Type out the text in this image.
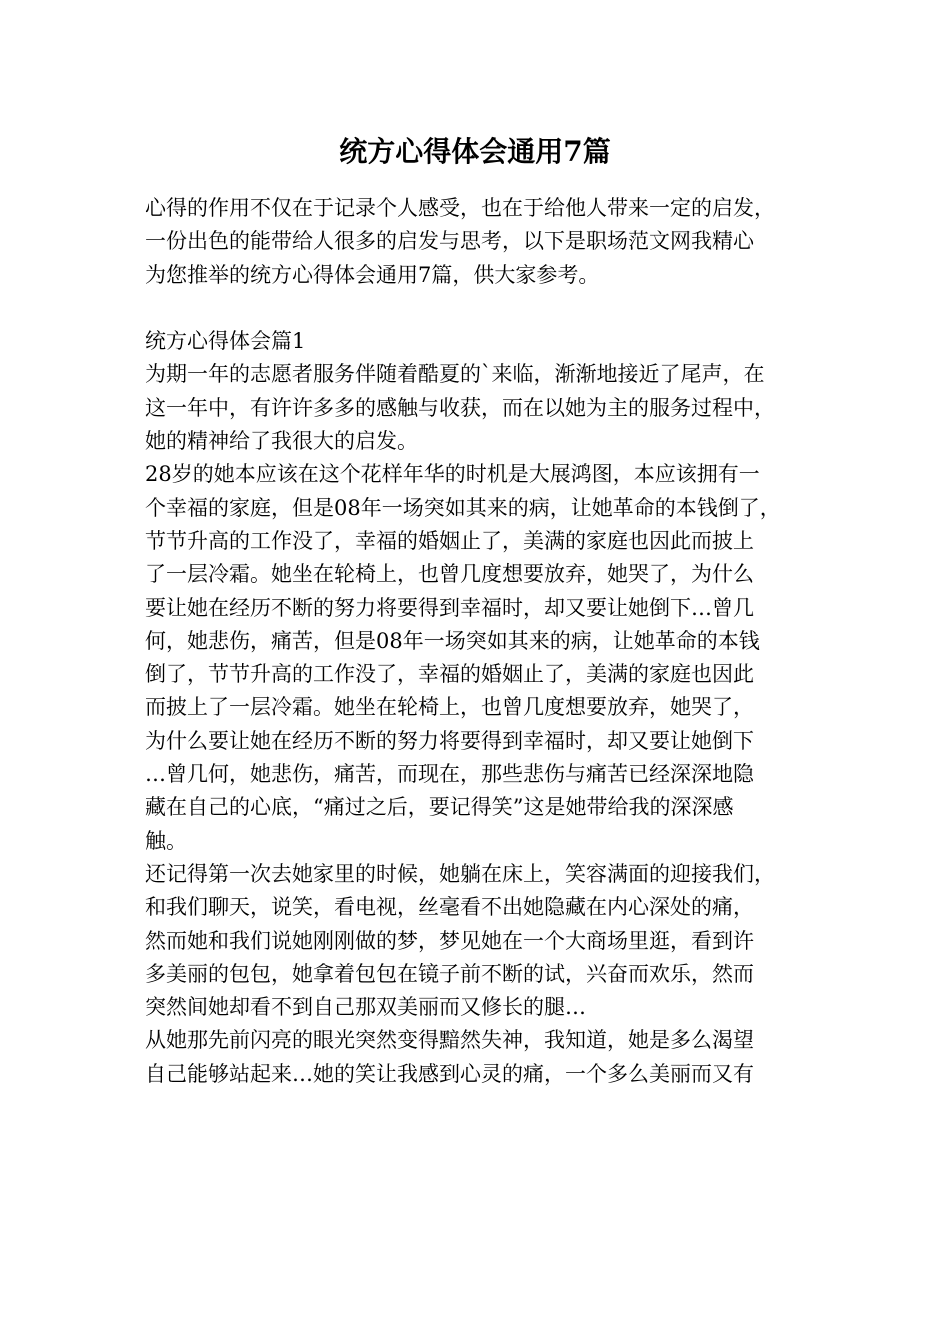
统方心得体会通用7篇
心得的作用不仅在于记录个人感受，也在于给他人带来一定的启发，
一份出色的能带给人很多的启发与思考，以下是职场范文网我精心
为您推举的统方心得体会通用7篇，供大家参考。
统方心得体会篇1
为期一年的志愿者服务伴随着酷夏的`来临，渐渐地接近了尾声，在
这一年中，有许许多多的感触与收获，而在以她为主的服务过程中，
她的精神给了我很大的启发。
28岁的她本应该在这个花样年华的时机是大展鸿图，本应该拥有一
个幸福的家庭，但是08年一场突如其来的病，让她革命的本钱倒了，
节节升高的工作没了，幸福的婚姻止了，美满的家庭也因此而披上
了一层冷霜。她坐在轮椅上，也曾几度想要放弃，她哭了，为什么
要让她在经历不断的努力将要得到幸福时，却又要让她倒下…曾几
何，她悲伤，痛苦，但是08年一场突如其来的病，让她革命的本钱
倒了，节节升高的工作没了，幸福的婚姻止了，美满的家庭也因此
而披上了一层冷霜。她坐在轮椅上，也曾几度想要放弃，她哭了，
为什么要让她在经历不断的努力将要得到幸福时，却又要让她倒下
…曾几何，她悲伤，痛苦，而现在，那些悲伤与痛苦已经深深地隐
藏在自己的心底，“痛过之后，要记得笑”这是她带给我的深深感
触。
还记得第一次去她家里的时候，她躺在床上，笑容满面的迎接我们，
和我们聊天，说笑，看电视，丝毫看不出她隐藏在内心深处的痛，
然而她和我们说她刚刚做的梦，梦见她在一个大商场里逛，看到许
多美丽的包包，她拿着包包在镜子前不断的试，兴奋而欢乐，然而
突然间她却看不到自己那双美丽而又修长的腿…
从她那先前闪亮的眼光突然变得黯然失神，我知道，她是多么渴望
自己能够站起来…她的笑让我感到心灵的痛，一个多么美丽而又有
